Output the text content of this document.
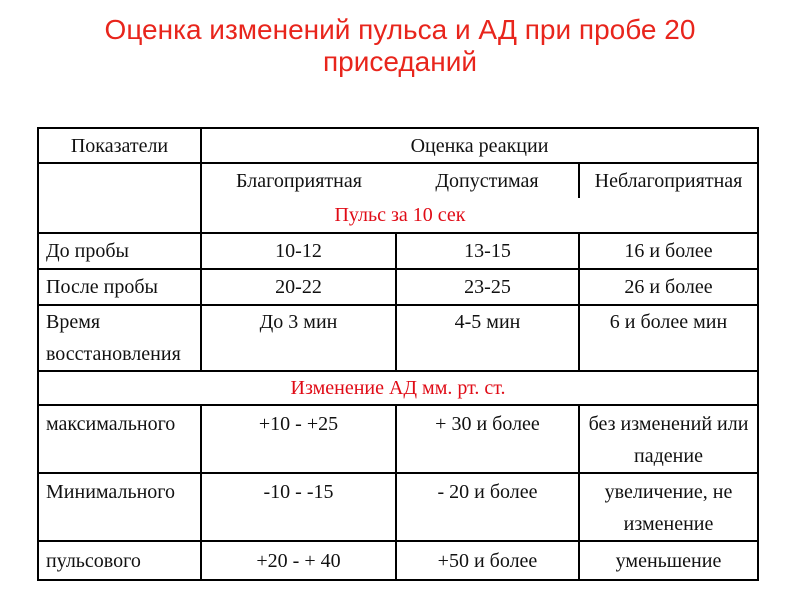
Оценка изменений пульса и АД при пробе 20 приседаний
Показатели	Оценка реакции		
	Благоприятная	Допустимая	Неблагоприятная
	Пульс за 10 сек		
До пробы	10-12	13-15	16 и более
После пробы	20-22	23-25	26 и более
Время восстановления	До 3 мин	4-5 мин	6 и более мин
Изменение АД мм. рт. ст.			
максимального	+10 - +25	+ 30 и более	без изменений или падение
Минимального	-10 - -15	- 20 и более	увеличение, не изменение
пульсового	+20 - + 40	+50 и более	уменьшение
